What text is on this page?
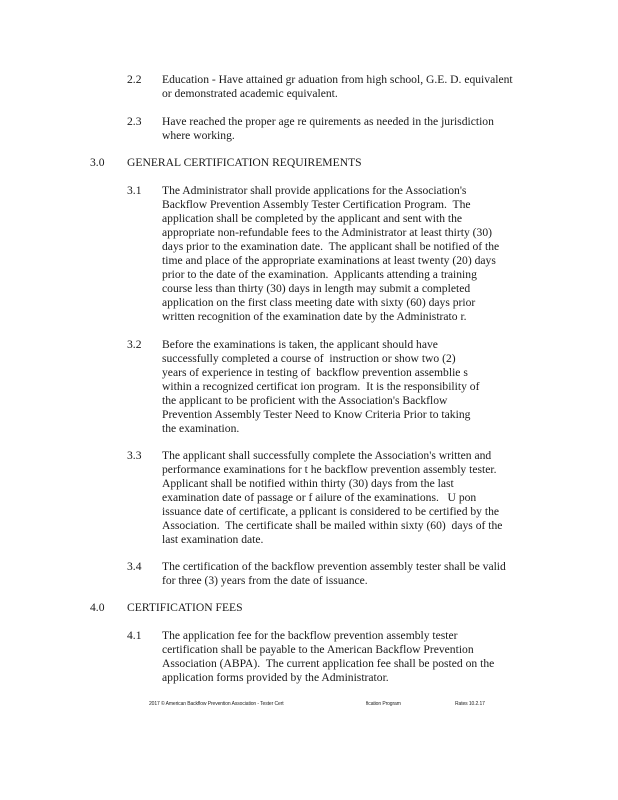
2.2 Education - Have attained gr aduation from high school, G.E. D. equivalent
or demonstrated academic equivalent.
2.3 Have reached the proper age re quirements as needed in the jurisdiction
where working.
3.0 GENERAL CERTIFICATION REQUIREMENTS
3.1 The Administrator shall provide applications for the Association's
Backflow Prevention Assembly Tester Certification Program.  The
application shall be completed by the applicant and sent with the
appropriate non-refundable fees to the Administrator at least thirty (30)
days prior to the examination date.  The applicant shall be notified of the
time and place of the appropriate examinations at least twenty (20) days
prior to the date of the examination.  Applicants attending a training
course less than thirty (30) days in length may submit a completed
application on the first class meeting date with sixty (60) days prior
written recognition of the examination date by the Administrato r.
3.2 Before the examinations is taken, the applicant should have
successfully completed a course of  instruction or show two (2)
years of experience in testing of  backflow prevention assemblie s
within a recognized certificat ion program.  It is the responsibility of
the applicant to be proficient with the Association's Backflow
Prevention Assembly Tester Need to Know Criteria Prior to taking
the examination.
3.3 The applicant shall successfully complete the Association's written and
performance examinations for t he backflow prevention assembly tester.
Applicant shall be notified within thirty (30) days from the last
examination date of passage or f ailure of the examinations.   U pon
issuance date of certificate, a pplicant is considered to be certified by the
Association.  The certificate shall be mailed within sixty (60)  days of the
last examination date.
3.4 The certification of the backflow prevention assembly tester shall be valid
for three (3) years from the date of issuance.
4.0 CERTIFICATION FEES
4.1 The application fee for the backflow prevention assembly tester
certification shall be payable to the American Backflow Prevention
Association (ABPA).  The current application fee shall be posted on the
application forms provided by the Administrator.
2017 © American Backflow Prevention Association - Tester Cert	fication Program	Rates 10.2.17
